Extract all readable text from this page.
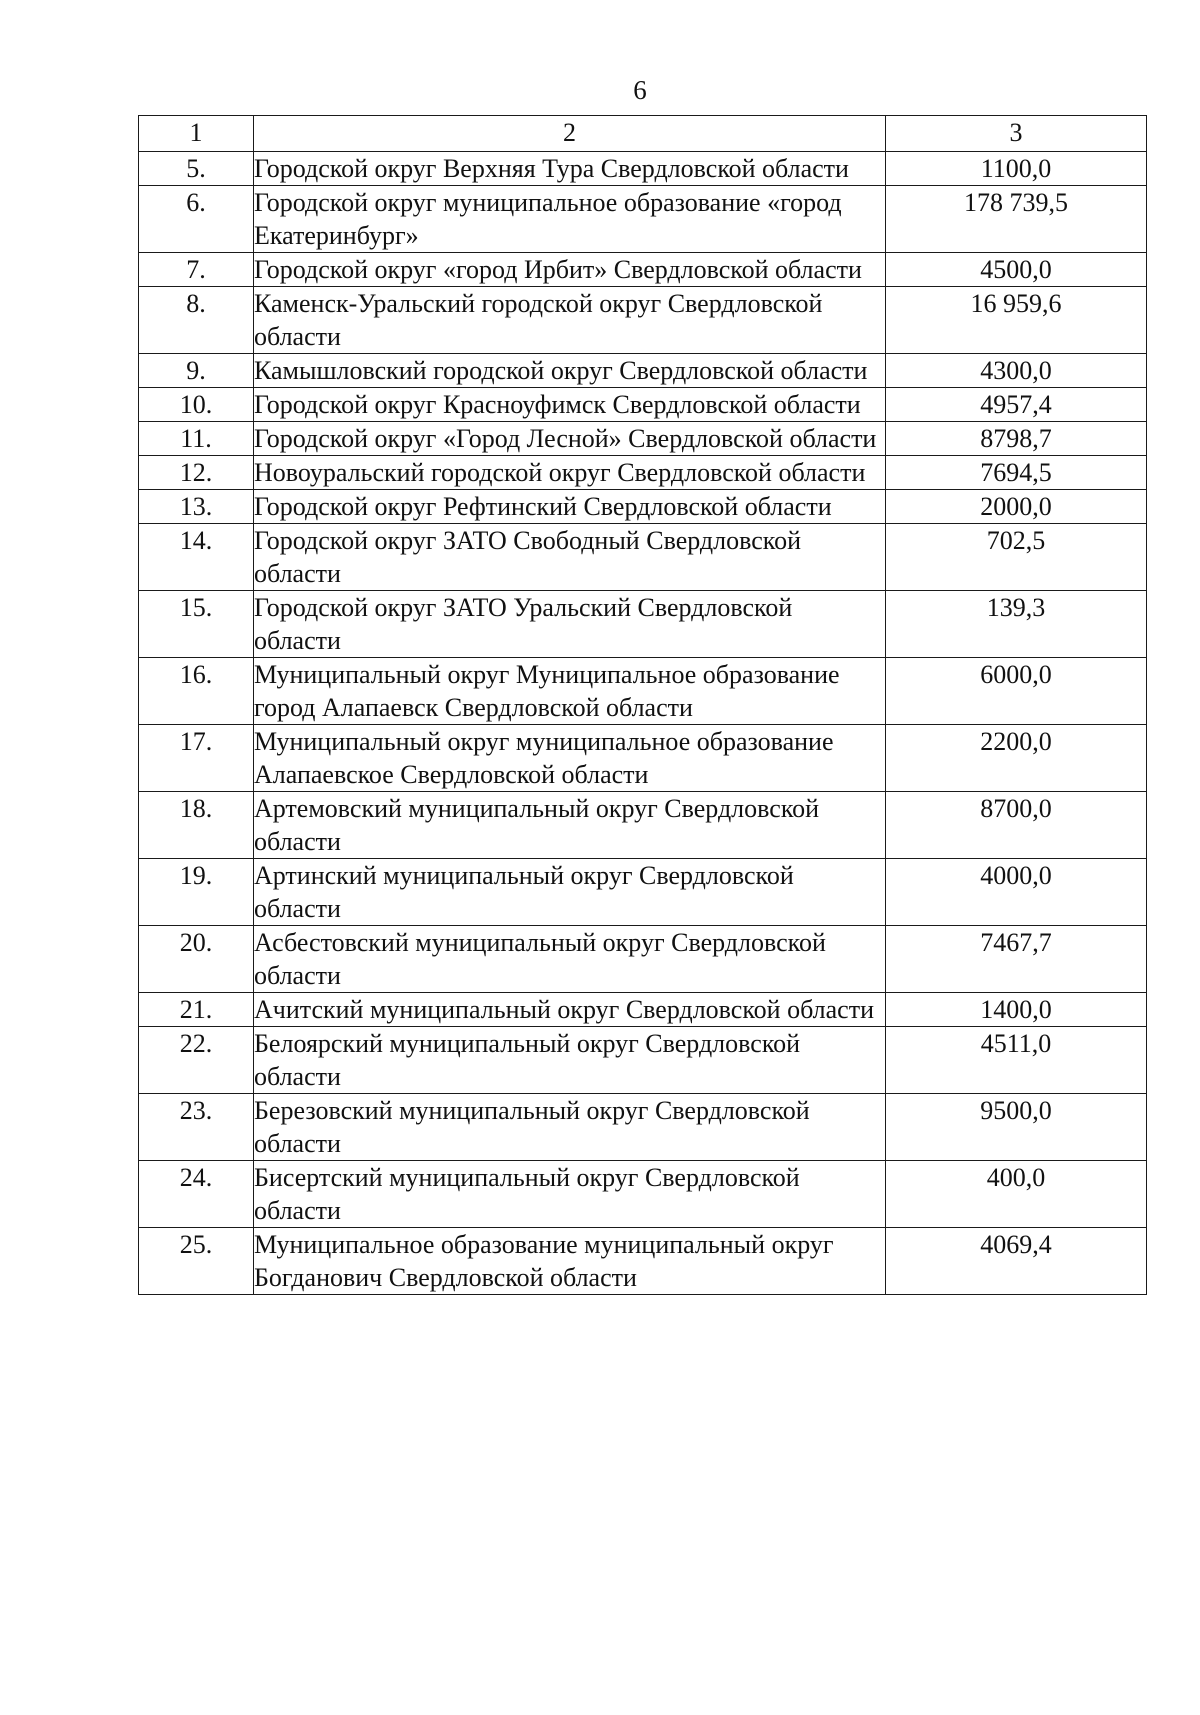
6
1	2	3
5.	Городской округ Верхняя Тура Свердловской области	1100,0
6.	Городской округ муниципальное образование «город Екатеринбург»	178 739,5
7.	Городской округ «город Ирбит» Свердловской области	4500,0
8.	Каменск-Уральский городской округ Свердловской области	16 959,6
9.	Камышловский городской округ Свердловской области	4300,0
10.	Городской округ Красноуфимск Свердловской области	4957,4
11.	Городской округ «Город Лесной» Свердловской области	8798,7
12.	Новоуральский городской округ Свердловской области	7694,5
13.	Городской округ Рефтинский Свердловской области	2000,0
14.	Городской округ ЗАТО Свободный Свердловской области	702,5
15.	Городской округ ЗАТО Уральский Свердловской области	139,3
16.	Муниципальный округ Муниципальное образование город Алапаевск Свердловской области	6000,0
17.	Муниципальный округ муниципальное образование Алапаевское Свердловской области	2200,0
18.	Артемовский муниципальный округ Свердловской области	8700,0
19.	Артинский муниципальный округ Свердловской области	4000,0
20.	Асбестовский муниципальный округ Свердловской области	7467,7
21.	Ачитский муниципальный округ Свердловской области	1400,0
22.	Белоярский муниципальный округ Свердловской области	4511,0
23.	Березовский муниципальный округ Свердловской области	9500,0
24.	Бисертский муниципальный округ Свердловской области	400,0
25.	Муниципальное образование муниципальный округ Богданович Свердловской области	4069,4
